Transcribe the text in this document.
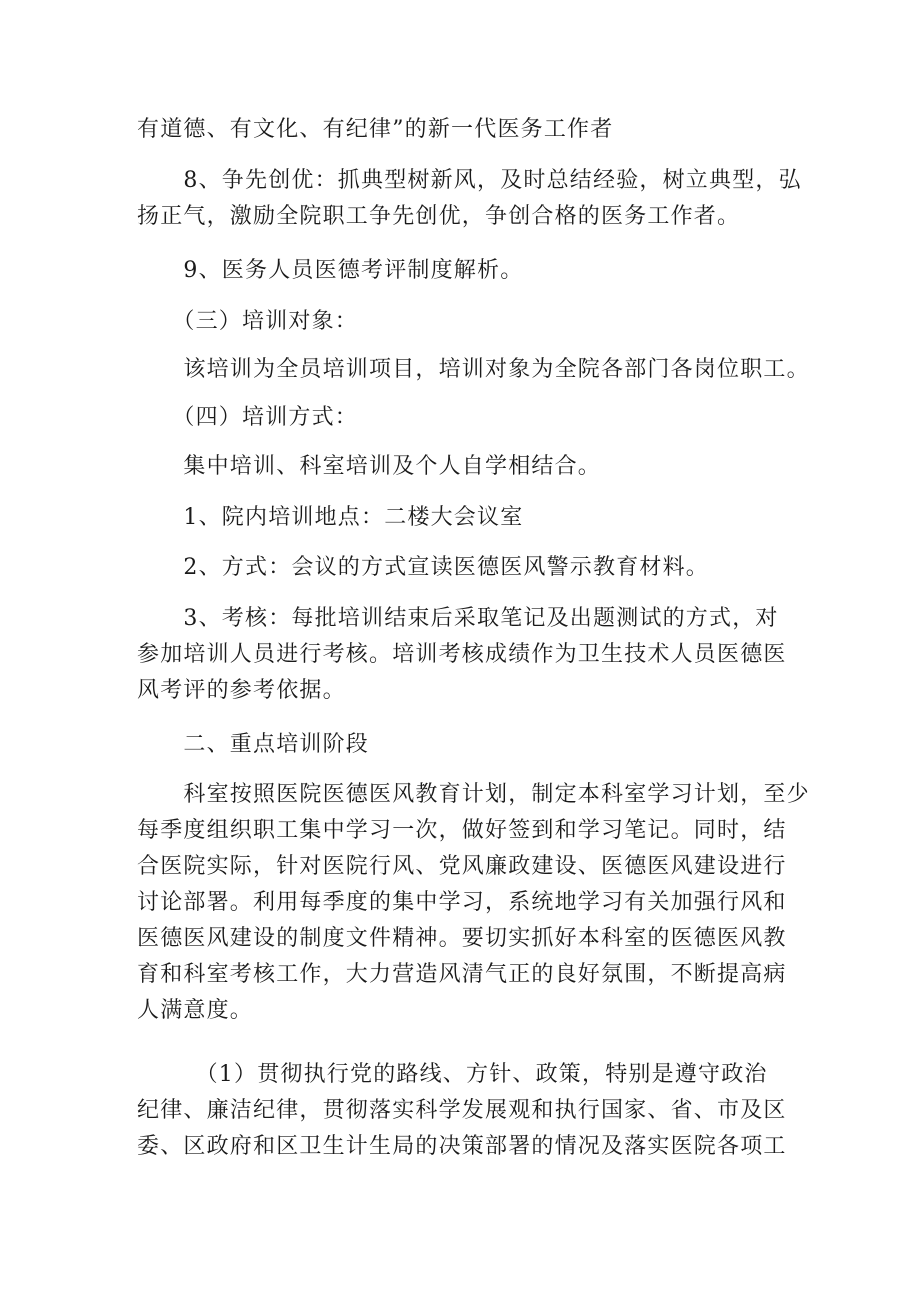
有道德、有文化、有纪律”的新一代医务工作者
　　8、争先创优：抓典型树新风，及时总结经验，树立典型，弘
扬正气，激励全院职工争先创优，争创合格的医务工作者。
　　9、医务人员医德考评制度解析。
　　（三）培训对象：
　　该培训为全员培训项目，培训对象为全院各部门各岗位职工。
　　（四）培训方式：
　　集中培训、科室培训及个人自学相结合。
　　1、院内培训地点：二楼大会议室
　　2、方式：会议的方式宣读医德医风警示教育材料。
　　3、考核：每批培训结束后采取笔记及出题测试的方式，对
参加培训人员进行考核。培训考核成绩作为卫生技术人员医德医
风考评的参考依据。
　　二、重点培训阶段
　　科室按照医院医德医风教育计划，制定本科室学习计划，至少
每季度组织职工集中学习一次，做好签到和学习笔记。同时，结
合医院实际，针对医院行风、党风廉政建设、医德医风建设进行
讨论部署。利用每季度的集中学习，系统地学习有关加强行风和
医德医风建设的制度文件精神。要切实抓好本科室的医德医风教
育和科室考核工作，大力营造风清气正的良好氛围，不断提高病
人满意度。
　　　（1）贯彻执行党的路线、方针、政策，特别是遵守政治
纪律、廉洁纪律，贯彻落实科学发展观和执行国家、省、市及区
委、区政府和区卫生计生局的决策部署的情况及落实医院各项工
